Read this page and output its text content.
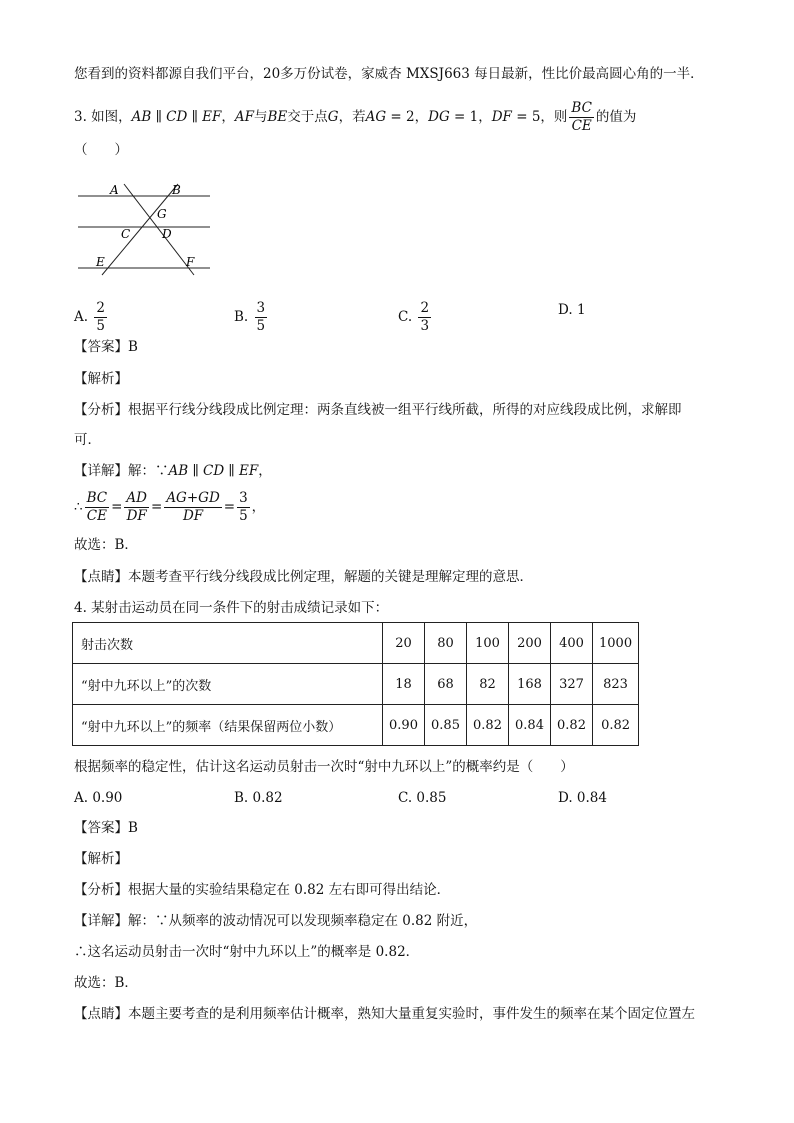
您看到的资料都源自我们平台，20多万份试卷，家威杏 MXSJ663 每日最新，性比价最高圆心角的一半．
3. 如图，AB ∥ CD ∥ EF，AF与BE交于点G，若AG = 2，DG = 1，DF = 5，则 $\frac{BC}{CE}$ 的值为
（　　）
A	B
G
C	D
E	F
A. $\frac{2}{5}$	B. $\frac{3}{5}$	C. $\frac{2}{3}$	D. 1
【答案】B
【解析】
【分析】根据平行线分线段成比例定理：两条直线被一组平行线所截，所得的对应线段成比例，求解即
可．
【详解】解：∵AB ∥ CD ∥ EF，
∴ $\frac{BC}{CE} = \frac{AD}{DF} = \frac{AG+GD}{DF} = \frac{3}{5}$ ，
故选：B．
【点睛】本题考查平行线分线段成比例定理，解题的关键是理解定理的意思．
4. 某射击运动员在同一条件下的射击成绩记录如下：
射击次数	20	80	100	200	400	1000
“射中九环以上”的次数	18	68	82	168	327	823
“射中九环以上”的频率（结果保留两位小数）	0.90	0.85	0.82	0.84	0.82	0.82
根据频率的稳定性，估计这名运动员射击一次时“射中九环以上”的概率约是（　　）
A. 0.90	B. 0.82	C. 0.85	D. 0.84
【答案】B
【解析】
【分析】根据大量的实验结果稳定在 0.82 左右即可得出结论．
【详解】解：∵从频率的波动情况可以发现频率稳定在 0.82 附近，
∴这名运动员射击一次时“射中九环以上”的概率是 0.82．
故选：B．
【点睛】本题主要考查的是利用频率估计概率，熟知大量重复实验时，事件发生的频率在某个固定位置左
